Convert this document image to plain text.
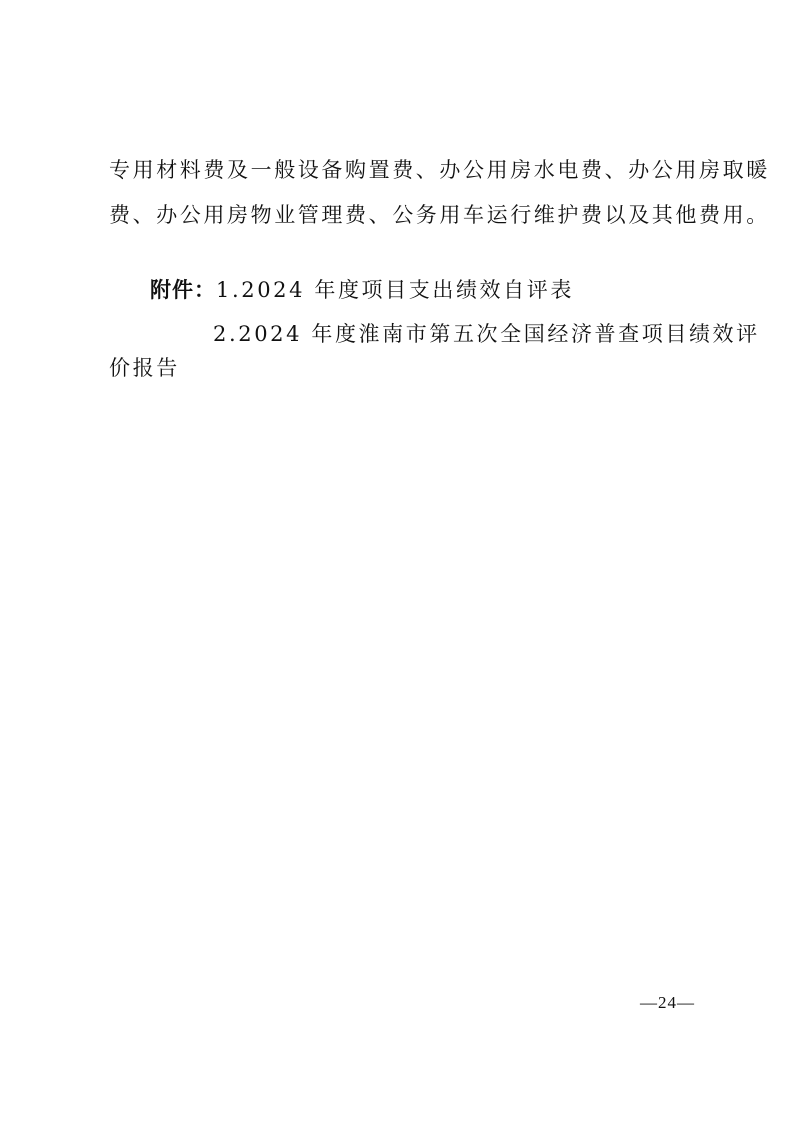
专用材料费及一般设备购置费、办公用房水电费、办公用房取暖
费、办公用房物业管理费、公务用车运行维护费以及其他费用。
附件：1.2024 年度项目支出绩效自评表
2.2024 年度淮南市第五次全国经济普查项目绩效评
价报告
—24—
